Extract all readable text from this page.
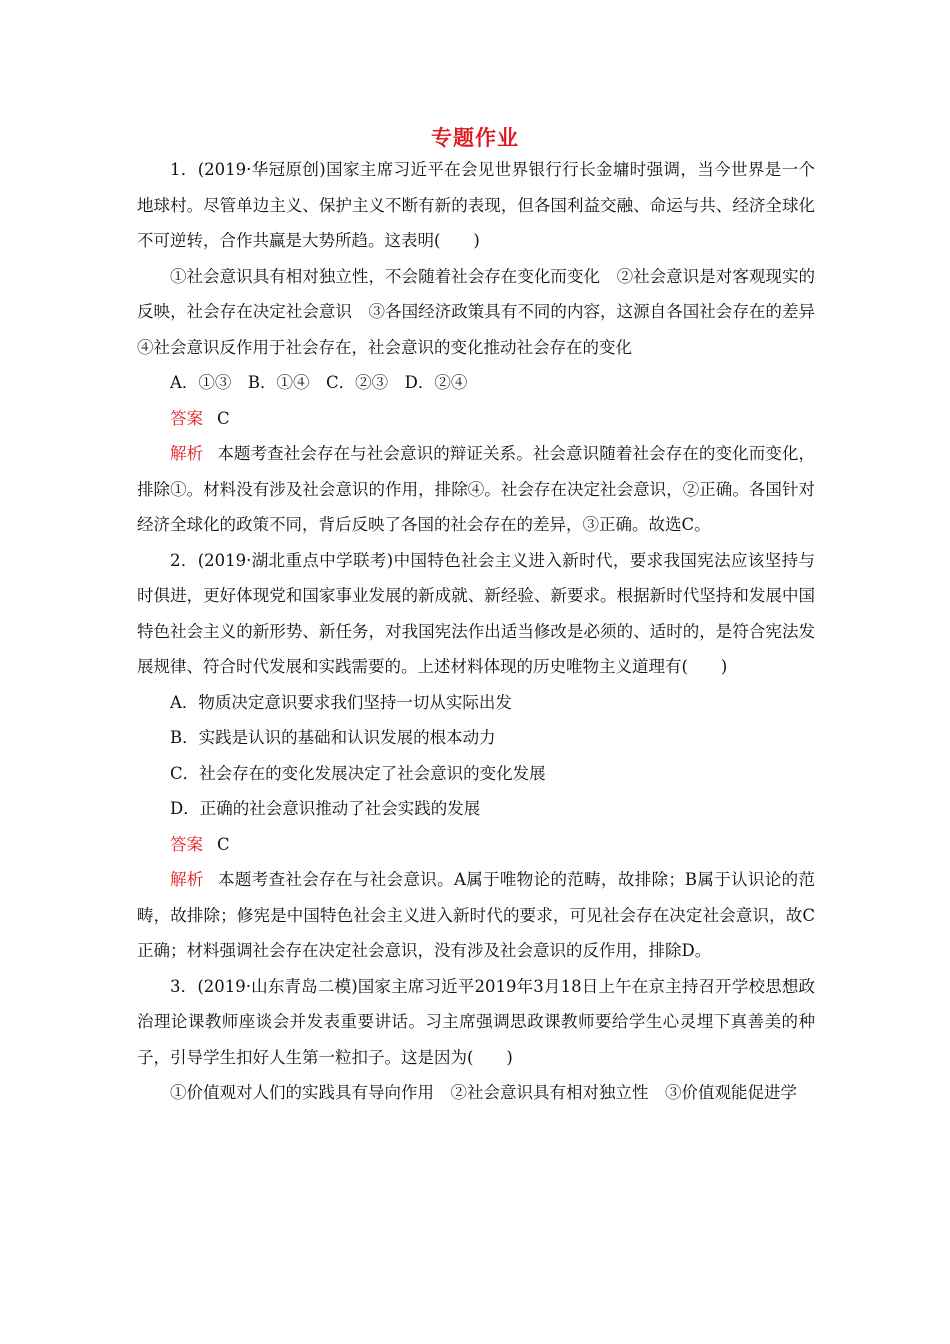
专题作业

1．(2019·华冠原创)国家主席习近平在会见世界银行行长金墉时强调，当今世界是一个地球村。尽管单边主义、保护主义不断有新的表现，但各国利益交融、命运与共、经济全球化不可逆转，合作共赢是大势所趋。这表明(　　)

①社会意识具有相对独立性，不会随着社会存在变化而变化　②社会意识是对客观现实的反映，社会存在决定社会意识　③各国经济政策具有不同的内容，这源自各国社会存在的差异　④社会意识反作用于社会存在，社会意识的变化推动社会存在的变化

A．①③　B．①④　C．②③　D．②④

答案 C

解析 本题考查社会存在与社会意识的辩证关系。社会意识随着社会存在的变化而变化，排除①。材料没有涉及社会意识的作用，排除④。社会存在决定社会意识，②正确。各国针对经济全球化的政策不同，背后反映了各国的社会存在的差异，③正确。故选C。

2．(2019·湖北重点中学联考)中国特色社会主义进入新时代，要求我国宪法应该坚持与时俱进，更好体现党和国家事业发展的新成就、新经验、新要求。根据新时代坚持和发展中国特色社会主义的新形势、新任务，对我国宪法作出适当修改是必须的、适时的，是符合宪法发展规律、符合时代发展和实践需要的。上述材料体现的历史唯物主义道理有(　　)

A．物质决定意识要求我们坚持一切从实际出发

B．实践是认识的基础和认识发展的根本动力

C．社会存在的变化发展决定了社会意识的变化发展

D．正确的社会意识推动了社会实践的发展

答案 C

解析 本题考查社会存在与社会意识。A属于唯物论的范畴，故排除；B属于认识论的范畴，故排除；修宪是中国特色社会主义进入新时代的要求，可见社会存在决定社会意识，故C正确；材料强调社会存在决定社会意识，没有涉及社会意识的反作用，排除D。

3．(2019·山东青岛二模)国家主席习近平2019年3月18日上午在京主持召开学校思想政治理论课教师座谈会并发表重要讲话。习主席强调思政课教师要给学生心灵埋下真善美的种子，引导学生扣好人生第一粒扣子。这是因为(　　)

①价值观对人们的实践具有导向作用　②社会意识具有相对独立性　③价值观能促进学
